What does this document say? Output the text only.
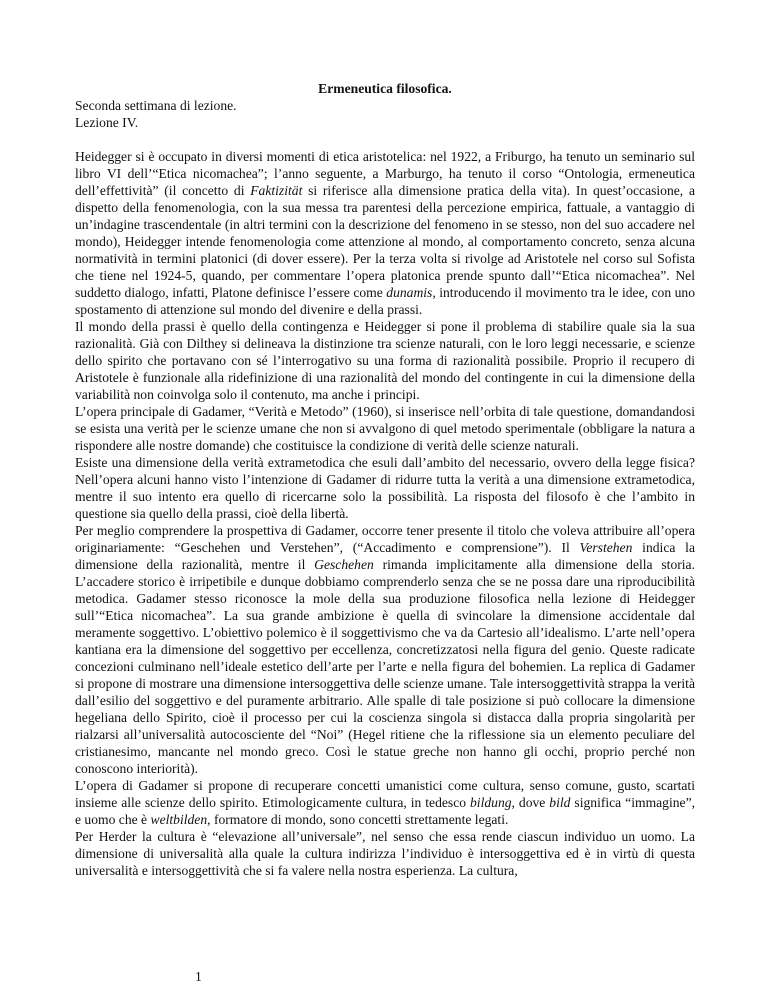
Ermeneutica filosofica.

Seconda settimana di lezione.

Lezione IV.

Heidegger si è occupato in diversi momenti di etica aristotelica: nel 1922, a Friburgo, ha tenuto un seminario sul libro VI dell’“Etica nicomachea”; l’anno seguente, a Marburgo, ha tenuto il corso “Ontologia, ermeneutica dell’effettività” (il concetto di Faktizität si riferisce alla dimensione pratica della vita). In quest’occasione, a dispetto della fenomenologia, con la sua messa tra parentesi della percezione empirica, fattuale, a vantaggio di un’indagine trascendentale (in altri termini con la descrizione del fenomeno in se stesso, non del suo accadere nel mondo), Heidegger intende fenomenologia come attenzione al mondo, al comportamento concreto, senza alcuna normatività in termini platonici (di dover essere). Per la terza volta si rivolge ad Aristotele nel corso sul Sofista che tiene nel 1924-5, quando, per commentare l’opera platonica prende spunto dall’“Etica nicomachea”. Nel suddetto dialogo, infatti, Platone definisce l’essere come dunamis, introducendo il movimento tra le idee, con uno spostamento di attenzione sul mondo del divenire e della prassi.

Il mondo della prassi è quello della contingenza e Heidegger si pone il problema di stabilire quale sia la sua razionalità. Già con Dilthey si delineava la distinzione tra scienze naturali, con le loro leggi necessarie, e scienze dello spirito che portavano con sé l’interrogativo su una forma di razionalità possibile. Proprio il recupero di Aristotele è funzionale alla ridefinizione di una razionalità del mondo del contingente in cui la dimensione della variabilità non coinvolga solo il contenuto, ma anche i principi.

L’opera principale di Gadamer, “Verità e Metodo” (1960), si inserisce nell’orbita di tale questione, domandandosi se esista una verità per le scienze umane che non si avvalgono di quel metodo sperimentale (obbligare la natura a rispondere alle nostre domande) che costituisce la condizione di verità delle scienze naturali.

Esiste una dimensione della verità extrametodica che esuli dall’ambito del necessario, ovvero della legge fisica? Nell’opera alcuni hanno visto l’intenzione di Gadamer di ridurre tutta la verità a una dimensione extrametodica, mentre il suo intento era quello di ricercarne solo la possibilità. La risposta del filosofo è che l’ambito in questione sia quello della prassi, cioè della libertà.

Per meglio comprendere la prospettiva di Gadamer, occorre tener presente il titolo che voleva attribuire all’opera originariamente: “Geschehen und Verstehen”, (“Accadimento e comprensione”). Il Verstehen indica la dimensione della razionalità, mentre il Geschehen rimanda implicitamente alla dimensione della storia. L’accadere storico è irripetibile e dunque dobbiamo comprenderlo senza che se ne possa dare una riproducibilità metodica. Gadamer stesso riconosce la mole della sua produzione filosofica nella lezione di Heidegger sull’“Etica nicomachea”. La sua grande ambizione è quella di svincolare la dimensione accidentale dal meramente soggettivo. L’obiettivo polemico è il soggettivismo che va da Cartesio all’idealismo. L’arte nell’opera kantiana era la dimensione del soggettivo per eccellenza, concretizzatosi nella figura del genio. Queste radicate concezioni culminano nell’ideale estetico dell’arte per l’arte e nella figura del bohemien. La replica di Gadamer si propone di mostrare una dimensione intersoggettiva delle scienze umane. Tale intersoggettività strappa la verità dall’esilio del soggettivo e del puramente arbitrario. Alle spalle di tale posizione si può collocare la dimensione hegeliana dello Spirito, cioè il processo per cui la coscienza singola si distacca dalla propria singolarità per rialzarsi all’universalità autocosciente del “Noi” (Hegel ritiene che la riflessione sia un elemento peculiare del cristianesimo, mancante nel mondo greco. Così le statue greche non hanno gli occhi, proprio perché non conoscono interiorità).

L’opera di Gadamer si propone di recuperare concetti umanistici come cultura, senso comune, gusto, scartati insieme alle scienze dello spirito. Etimologicamente cultura, in tedesco bildung, dove bild significa “immagine”, e uomo che è weltbilden, formatore di mondo, sono concetti strettamente legati.

Per Herder la cultura è “elevazione all’universale”, nel senso che essa rende ciascun individuo un uomo. La dimensione di universalità alla quale la cultura indirizza l’individuo è intersoggettiva ed è in virtù di questa universalità e intersoggettività che si fa valere nella nostra esperienza. La cultura,

1
